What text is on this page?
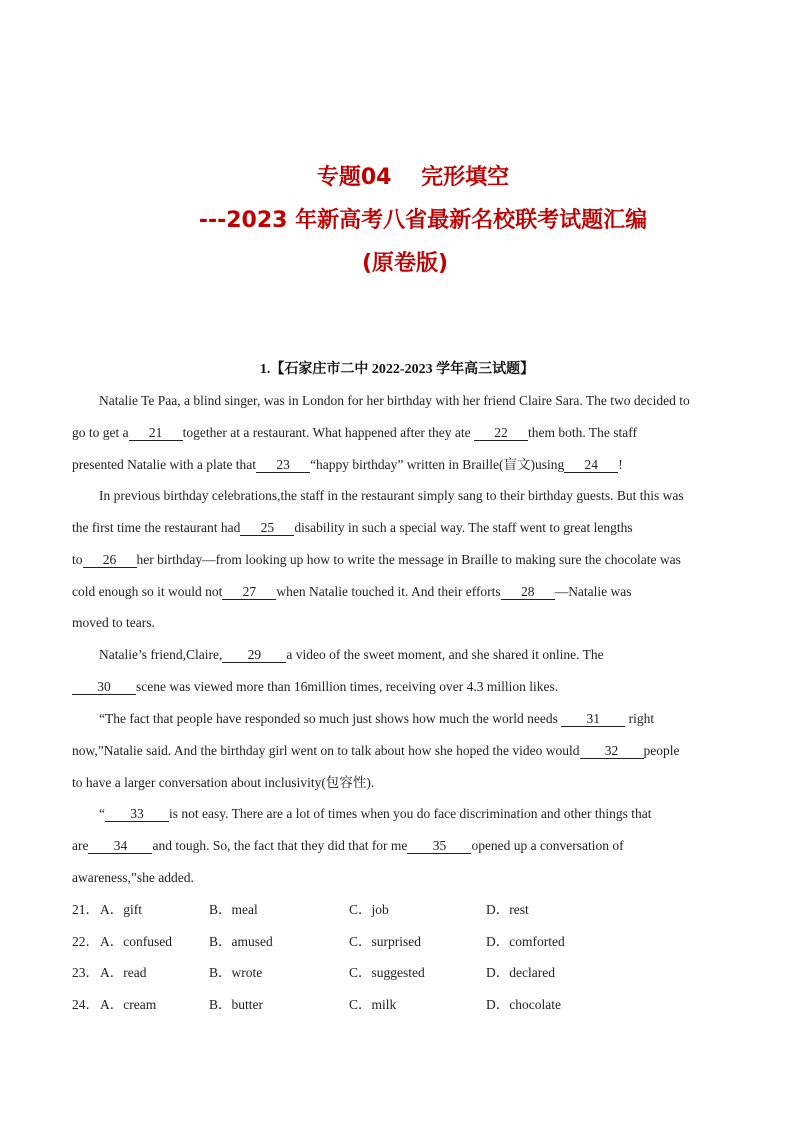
专题04　 完形填空
---2023 年新高考八省最新名校联考试题汇编
(原卷版)
1.【石家庄市二中 2022-2023 学年高三试题】
Natalie Te Paa, a blind singer, was in London for her birthday with her friend Claire Sara. The two decided to
go to get a 21 together at a restaurant. What happened after they ate 22 them both. The staff
presented Natalie with a plate that 23 “happy birthday” written in Braille(盲文)using 24 !
In previous birthday celebrations,the staff in the restaurant simply sang to their birthday guests. But this was
the first time the restaurant had 25 disability in such a special way. The staff went to great lengths
to 26 her birthday—from looking up how to write the message in Braille to making sure the chocolate was
cold enough so it would not 27 when Natalie touched it. And their efforts 28 —Natalie was
moved to tears.
Natalie’s friend,Claire, 29 a video of the sweet moment, and she shared it online. The
30 scene was viewed more than 16million times, receiving over 4.3 million likes.
“The fact that people have responded so much just shows how much the world needs 31 right
now,”Natalie said. And the birthday girl went on to talk about how she hoped the video would 32 people
to have a larger conversation about inclusivity(包容性).
“ 33 is not easy. There are a lot of times when you do face discrimination and other things that
are 34 and tough. So, the fact that they did that for me 35 opened up a conversation of
awareness,”she added.
21． A．gift	B．meal	C．job	D．rest
22． A．confused	B．amused	C．surprised	D．comforted
23． A．read	B．wrote	C．suggested	D．declared
24． A．cream	B．butter	C．milk	D．chocolate
